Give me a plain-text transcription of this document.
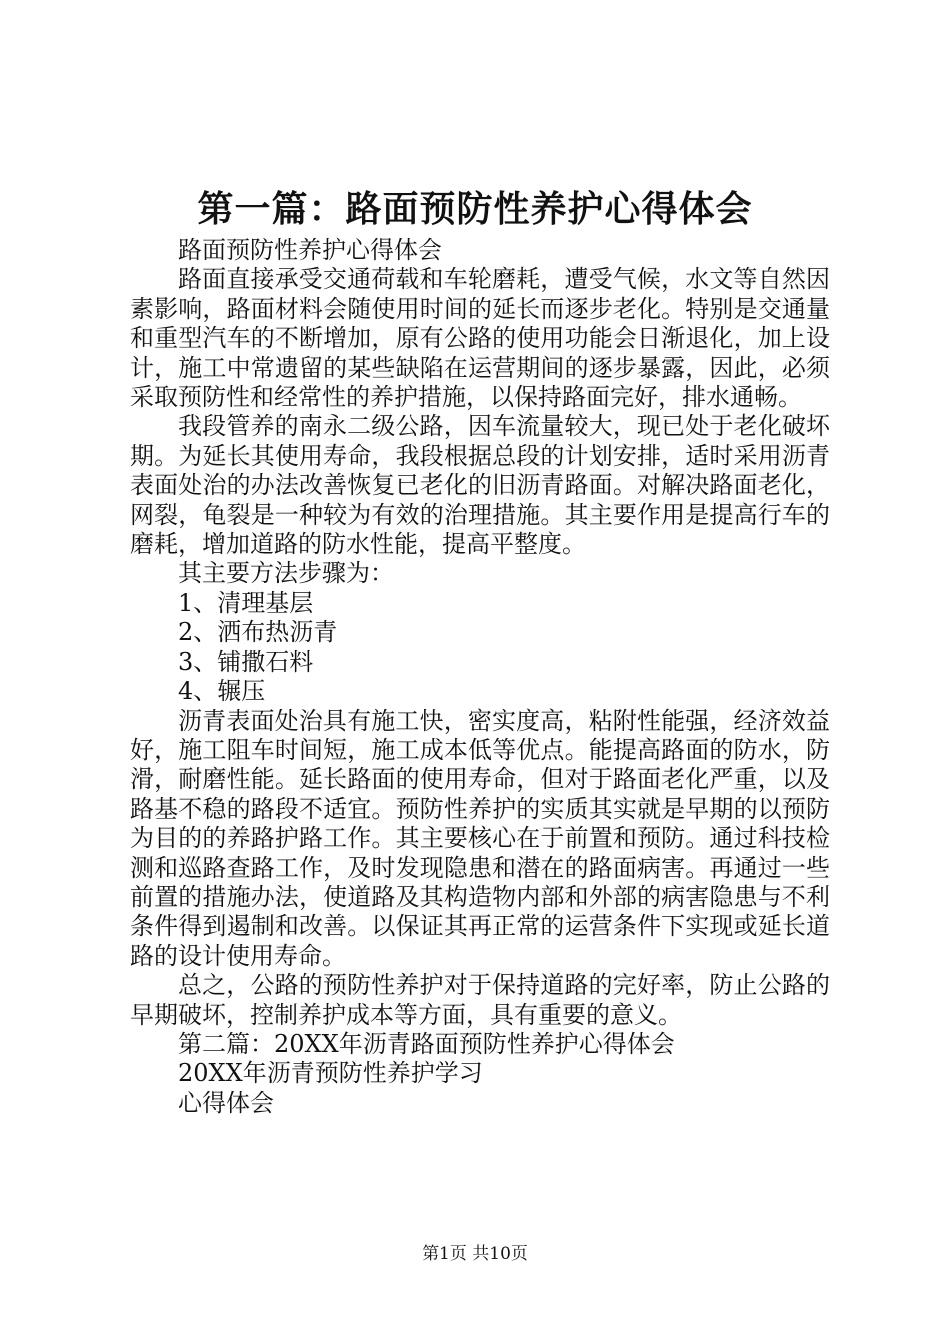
第一篇：路面预防性养护心得体会

路面预防性养护心得体会

路面直接承受交通荷载和车轮磨耗，遭受气候，水文等自然因素影响，路面材料会随使用时间的延长而逐步老化。特别是交通量和重型汽车的不断增加，原有公路的使用功能会日渐退化，加上设计，施工中常遗留的某些缺陷在运营期间的逐步暴露，因此，必须采取预防性和经常性的养护措施，以保持路面完好，排水通畅。

我段管养的南永二级公路，因车流量较大，现已处于老化破坏期。为延长其使用寿命，我段根据总段的计划安排，适时采用沥青表面处治的办法改善恢复已老化的旧沥青路面。对解决路面老化，网裂，龟裂是一种较为有效的治理措施。其主要作用是提高行车的磨耗，增加道路的防水性能，提高平整度。

其主要方法步骤为：

1、清理基层

2、洒布热沥青

3、铺撒石料

4、辗压

沥青表面处治具有施工快，密实度高，粘附性能强，经济效益好，施工阻车时间短，施工成本低等优点。能提高路面的防水，防滑，耐磨性能。延长路面的使用寿命，但对于路面老化严重，以及路基不稳的路段不适宜。预防性养护的实质其实就是早期的以预防为目的的养路护路工作。其主要核心在于前置和预防。通过科技检测和巡路查路工作，及时发现隐患和潜在的路面病害。再通过一些前置的措施办法，使道路及其构造物内部和外部的病害隐患与不利条件得到遏制和改善。以保证其再正常的运营条件下实现或延长道路的设计使用寿命。

总之，公路的预防性养护对于保持道路的完好率，防止公路的早期破坏，控制养护成本等方面，具有重要的意义。

第二篇：20XX年沥青路面预防性养护心得体会

20XX年沥青预防性养护学习

心得体会

第1页 共10页
